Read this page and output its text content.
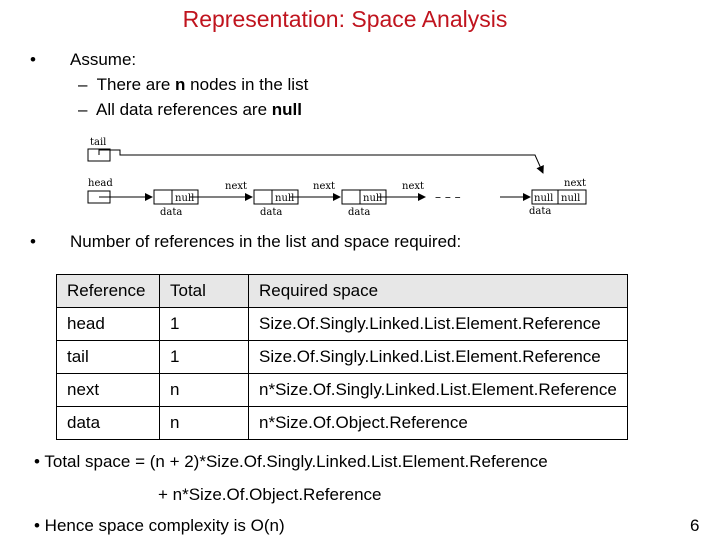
Representation: Space Analysis
• Assume:
– There are n nodes in the list
– All data references are null
tail
head
null
data
next
null
data
next
null
data
next
– – –	null null
data
next
• Number of references in the list and space required:
Reference	Total	Required space
head	1	Size.Of.Singly.Linked.List.Element.Reference
tail	1	Size.Of.Singly.Linked.List.Element.Reference
next	n	n*Size.Of.Singly.Linked.List.Element.Reference
data	n	n*Size.Of.Object.Reference
• Total space = (n + 2)*Size.Of.Singly.Linked.List.Element.Reference
+ n*Size.Of.Object.Reference
• Hence space complexity is O(n)	6
